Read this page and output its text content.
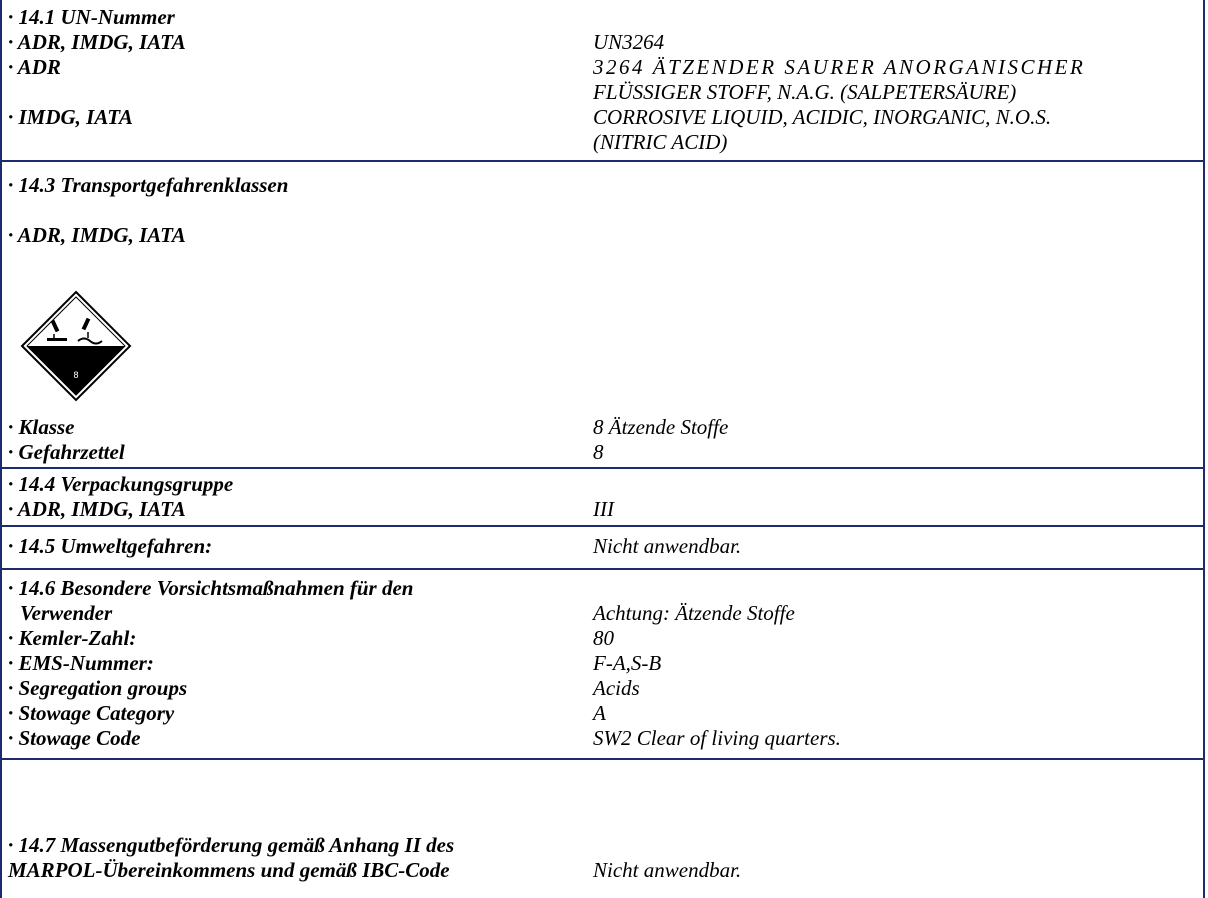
· 14.1 UN-Nummer
· ADR, IMDG, IATA	UN3264
· ADR	3264 ÄTZENDER SAURER ANORGANISCHER
FLÜSSIGER STOFF, N.A.G. (SALPETERSÄURE)
· IMDG, IATA	CORROSIVE LIQUID, ACIDIC, INORGANIC, N.O.S.
(NITRIC ACID)
· 14.3 Transportgefahrenklassen
· ADR, IMDG, IATA
8
· Klasse	8 Ätzende Stoffe
· Gefahrzettel	8
· 14.4 Verpackungsgruppe
· ADR, IMDG, IATA	III
· 14.5 Umweltgefahren:	Nicht anwendbar.
· 14.6 Besondere Vorsichtsmaßnahmen für den
Verwender	Achtung: Ätzende Stoffe
· Kemler-Zahl:	80
· EMS-Nummer:	F-A,S-B
· Segregation groups	Acids
· Stowage Category	A
· Stowage Code	SW2 Clear of living quarters.
· 14.7 Massengutbeförderung gemäß Anhang II des
MARPOL-Übereinkommens und gemäß IBC-Code	Nicht anwendbar.
